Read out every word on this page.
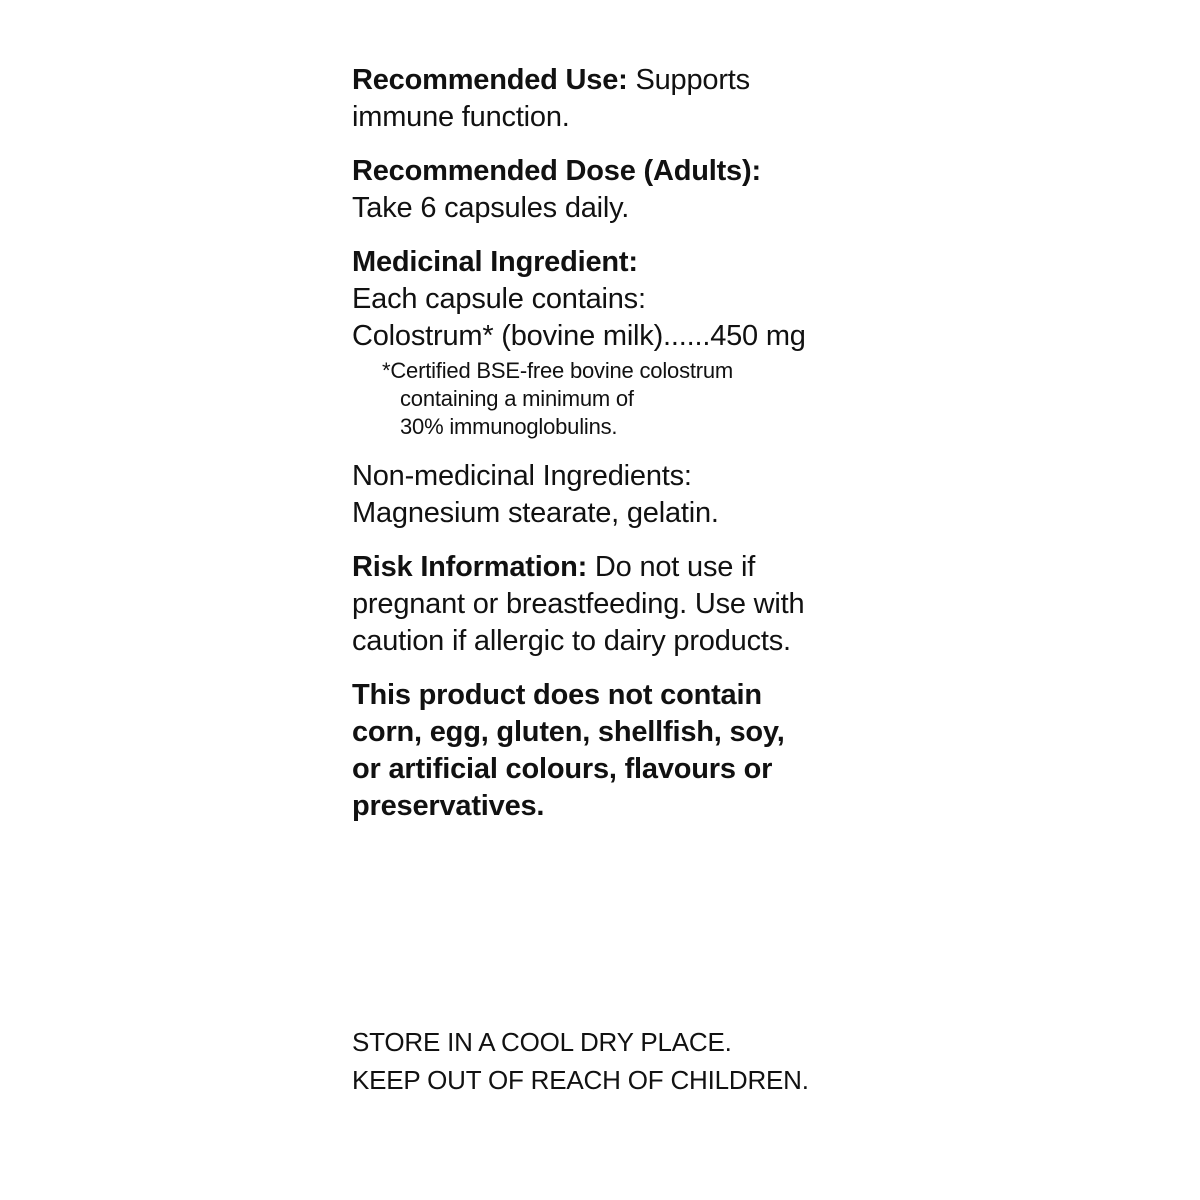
Recommended Use: Supports
immune function.
Recommended Dose (Adults):
Take 6 capsules daily.
Medicinal Ingredient:
Each capsule contains:
Colostrum* (bovine milk)......450 mg
*Certified BSE-free bovine colostrum
containing a minimum of
30% immunoglobulins.
Non-medicinal Ingredients:
Magnesium stearate, gelatin.
Risk Information: Do not use if
pregnant or breastfeeding. Use with
caution if allergic to dairy products.
This product does not contain
corn, egg, gluten, shellfish, soy,
or artificial colours, flavours or
preservatives.
STORE IN A COOL DRY PLACE.
KEEP OUT OF REACH OF CHILDREN.
